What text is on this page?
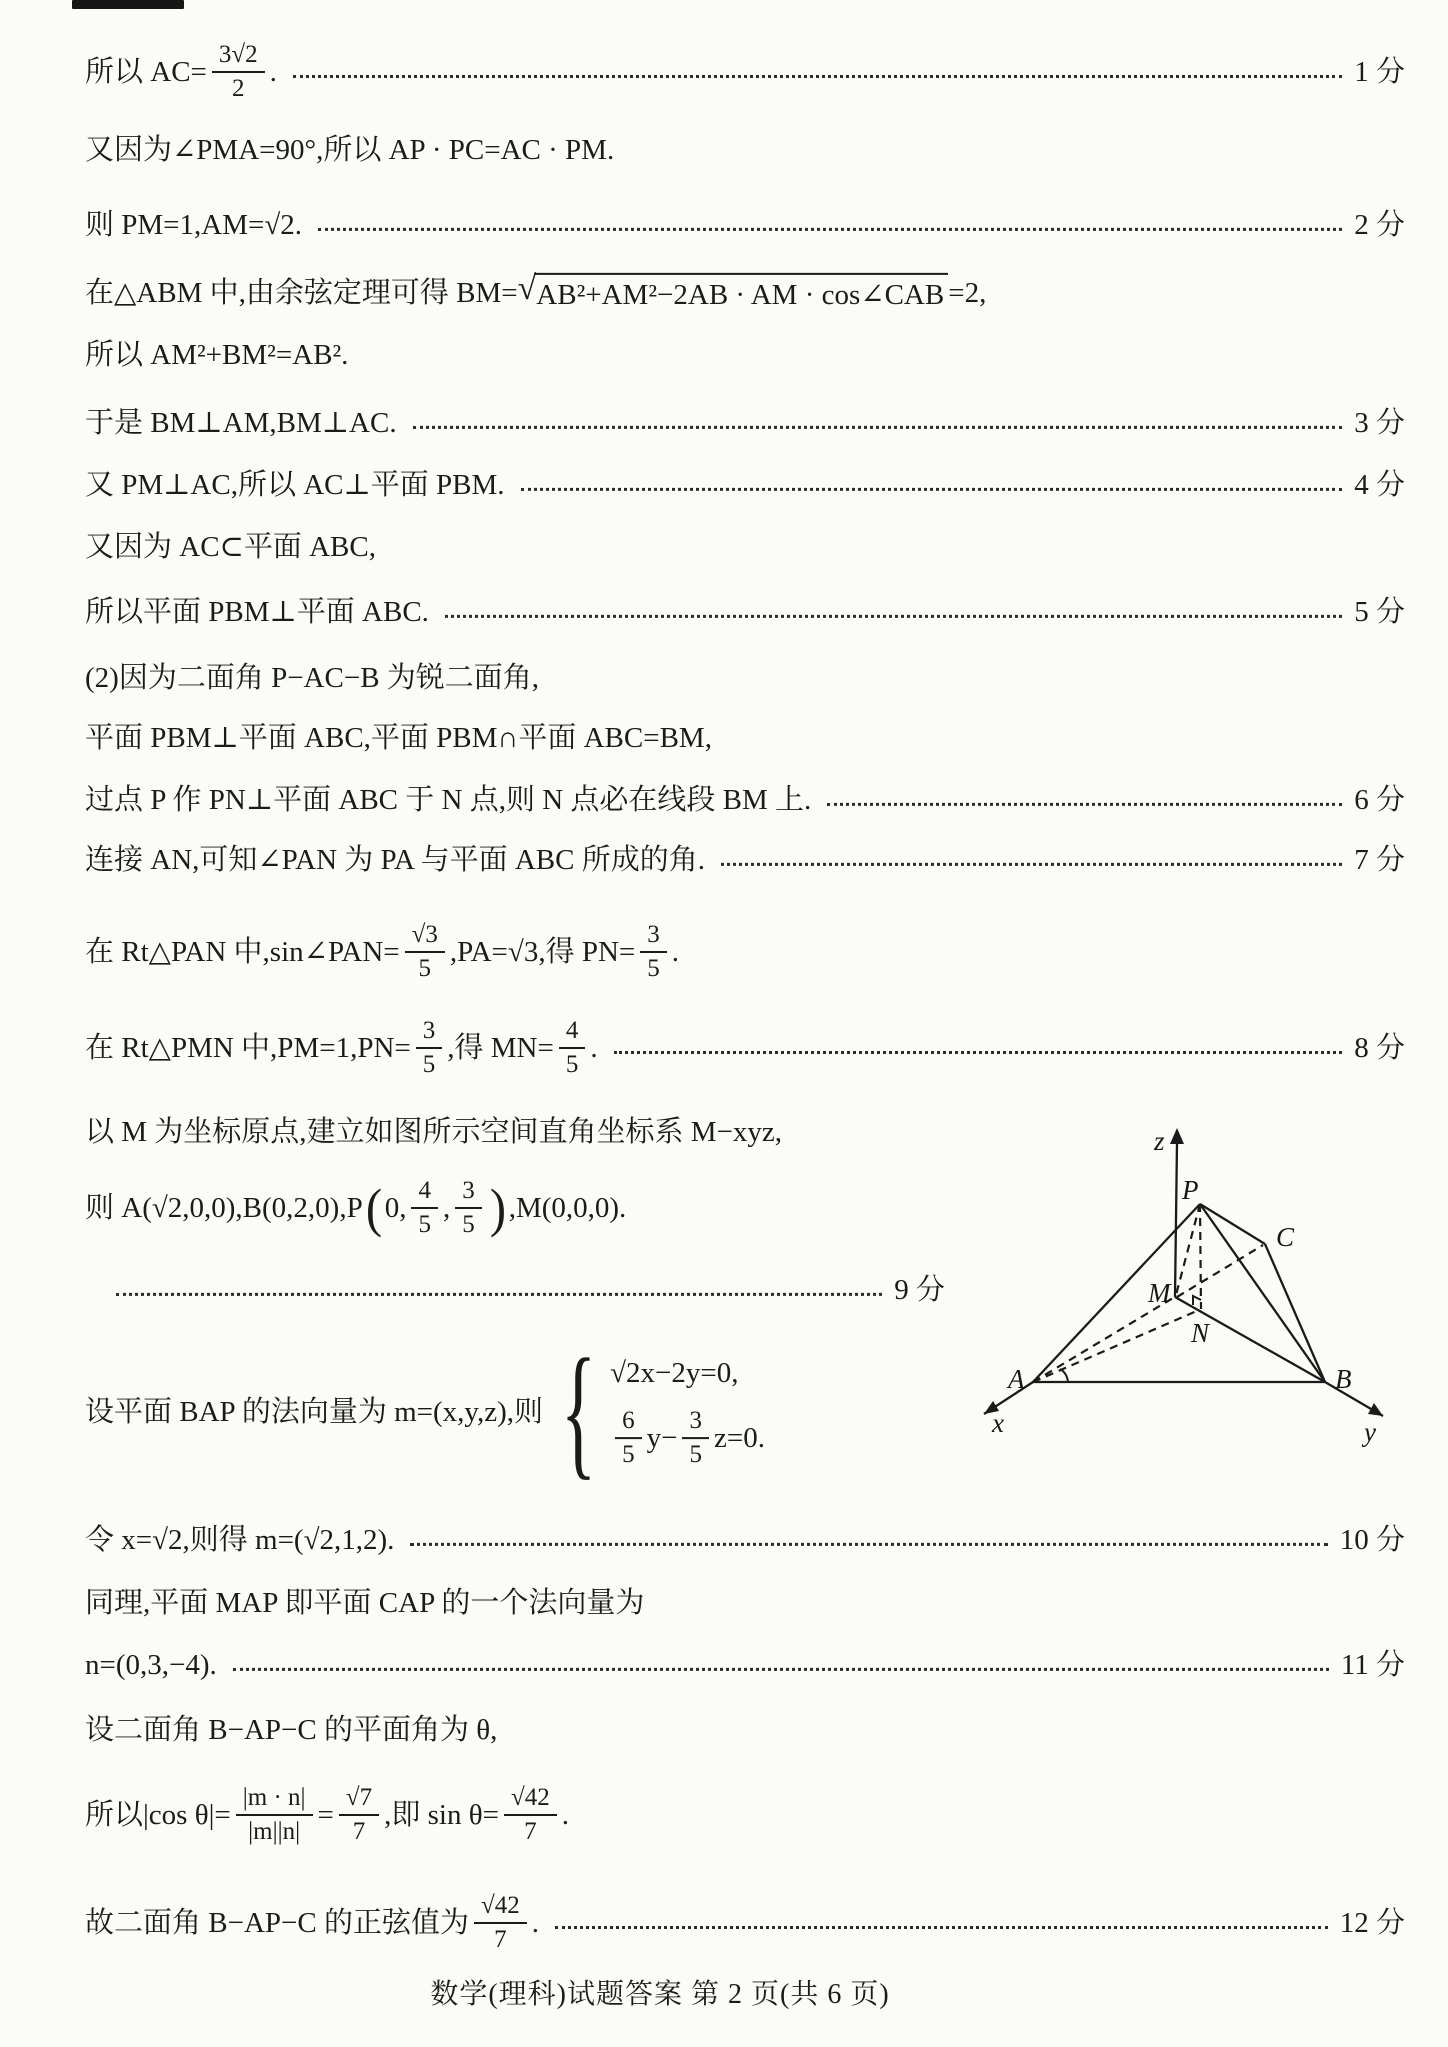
z
P
C
M
N
A	B
x	y
数学(理科)试题答案 第 2 页(共 6 页)
所以 $AC= \frac{3√2}{2}$ .	1 分
又因为∠PMA=90°,所以 AP · PC=AC · PM.
则 PM=1,AM=√2.	2 分
在△ABM 中,由余弦定理可得 BM= √ AB²+AM²−2AB · AM · cos∠CAB =2,
所以 AM²+BM²=AB².
于是 BM⊥AM,BM⊥AC.	3 分
又 PM⊥AC,所以 AC⊥平面 PBM.	4 分
又因为 AC⊂平面 ABC,
所以平面 PBM⊥平面 ABC.	5 分
(2)因为二面角 P−AC−B 为锐二面角,
平面 PBM⊥平面 ABC,平面 PBM∩平面 ABC=BM,
过点 P 作 PN⊥平面 ABC 于 N 点,则 N 点必在线段 BM 上.	6 分
连接 AN,可知∠PAN 为 PA 与平面 ABC 所成的角.	7 分
在 Rt△PAN 中,sin∠PAN= $\frac{√3}{5} ,PA=√3$,得 $PN= \frac{3}{5}$ .
在 Rt△PMN 中$,PM=1,PN= \frac{3}{5}$ ,得 $MN= \frac{4}{5}$ .	8 分
以 M 为坐标原点,建立如图所示空间直角坐标系 M−xyz,
则 A(√2,0,0),B(0,2,0),P ( 0, $\frac{4}{5}$ , $\frac{3}{5}$ ) ,M(0,0,0).
9 分
设平面 BAP 的法向量为 m=(x,y,z),则 { √2x−2y=0,
$\frac{6}{5} y- \frac{3}{5} z=0$.
令 x=√2,则得 m=(√2,1,2).	10 分
同理,平面 MAP 即平面 CAP 的一个法向量为
n=(0,3,−4).	11 分
设二面角 B−AP−C 的平面角为 θ,
所以|cos $\theta|= \frac{|m \cdot n|}{|m||n|} = \frac{√7}{7}$ ,即 $\sin \theta= \frac{√42}{7}$ .
故二面角 B−AP−C 的正弦值为 $\frac{√42}{7}$ .	12 分
